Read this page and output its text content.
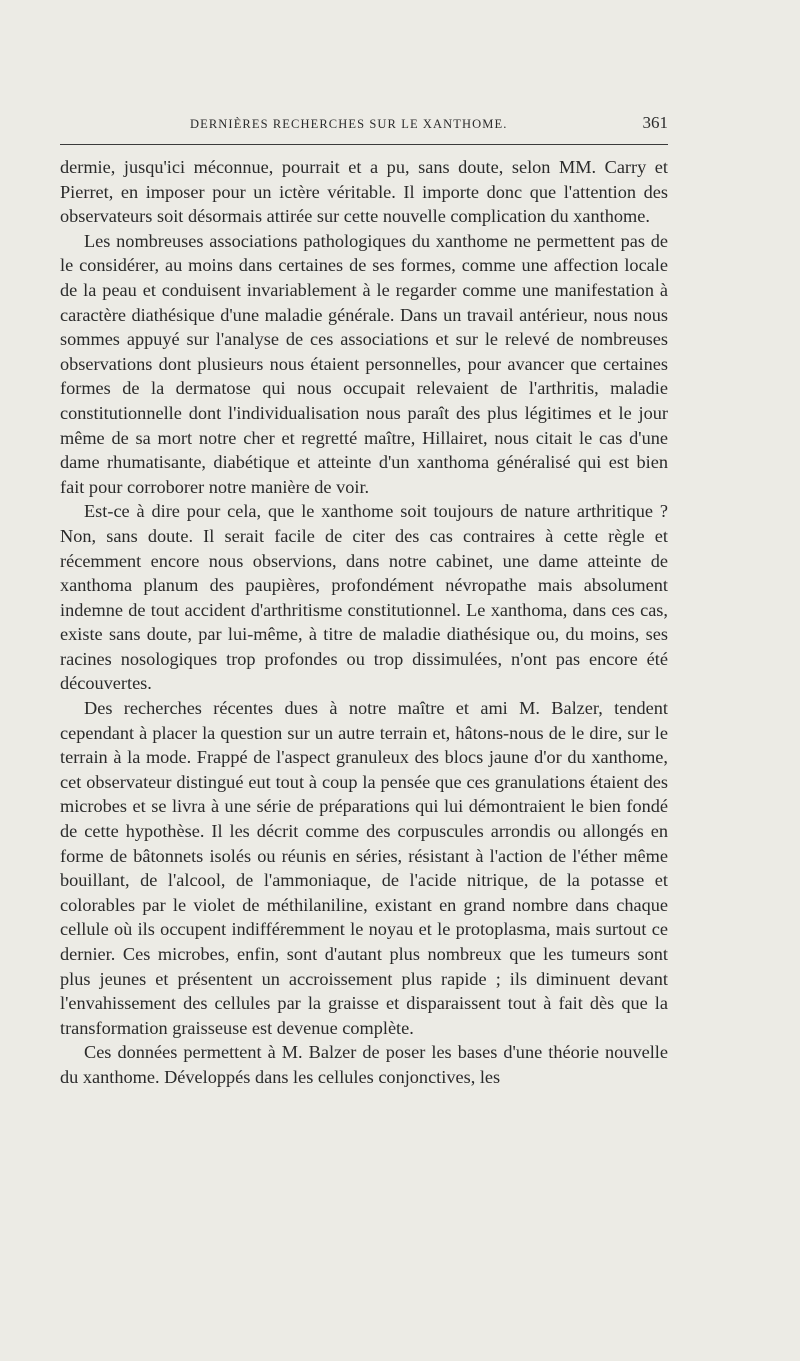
DERNIÈRES RECHERCHES SUR LE XANTHOME.	361

dermie, jusqu'ici méconnue, pourrait et a pu, sans doute, selon MM. Carry et Pierret, en imposer pour un ictère véritable. Il importe donc que l'attention des observateurs soit désormais attirée sur cette nouvelle complication du xanthome.

Les nombreuses associations pathologiques du xanthome ne permettent pas de le considérer, au moins dans certaines de ses formes, comme une affection locale de la peau et conduisent invariablement à le regarder comme une manifestation à caractère diathésique d'une maladie générale. Dans un travail antérieur, nous nous sommes appuyé sur l'analyse de ces associations et sur le relevé de nombreuses observations dont plusieurs nous étaient personnelles, pour avancer que certaines formes de la dermatose qui nous occupait relevaient de l'arthritis, maladie constitutionnelle dont l'individualisation nous paraît des plus légitimes et le jour même de sa mort notre cher et regretté maître, Hillairet, nous citait le cas d'une dame rhumatisante, diabétique et atteinte d'un xanthoma généralisé qui est bien fait pour corroborer notre manière de voir.

Est-ce à dire pour cela, que le xanthome soit toujours de nature arthritique ? Non, sans doute. Il serait facile de citer des cas contraires à cette règle et récemment encore nous observions, dans notre cabinet, une dame atteinte de xanthoma planum des paupières, profondément névropathe mais absolument indemne de tout accident d'arthritisme constitutionnel. Le xanthoma, dans ces cas, existe sans doute, par lui-même, à titre de maladie diathésique ou, du moins, ses racines nosologiques trop profondes ou trop dissimulées, n'ont pas encore été découvertes.

Des recherches récentes dues à notre maître et ami M. Balzer, tendent cependant à placer la question sur un autre terrain et, hâtons-nous de le dire, sur le terrain à la mode. Frappé de l'aspect granuleux des blocs jaune d'or du xanthome, cet observateur distingué eut tout à coup la pensée que ces granulations étaient des microbes et se livra à une série de préparations qui lui démontraient le bien fondé de cette hypothèse. Il les décrit comme des corpuscules arrondis ou allongés en forme de bâtonnets isolés ou réunis en séries, résistant à l'action de l'éther même bouillant, de l'alcool, de l'ammoniaque, de l'acide nitrique, de la potasse et colorables par le violet de méthilaniline, existant en grand nombre dans chaque cellule où ils occupent indifféremment le noyau et le protoplasma, mais surtout ce dernier. Ces microbes, enfin, sont d'autant plus nombreux que les tumeurs sont plus jeunes et présentent un accroissement plus rapide ; ils diminuent devant l'envahissement des cellules par la graisse et disparaissent tout à fait dès que la transformation graisseuse est devenue complète.

Ces données permettent à M. Balzer de poser les bases d'une théorie nouvelle du xanthome. Développés dans les cellules conjonctives, les
